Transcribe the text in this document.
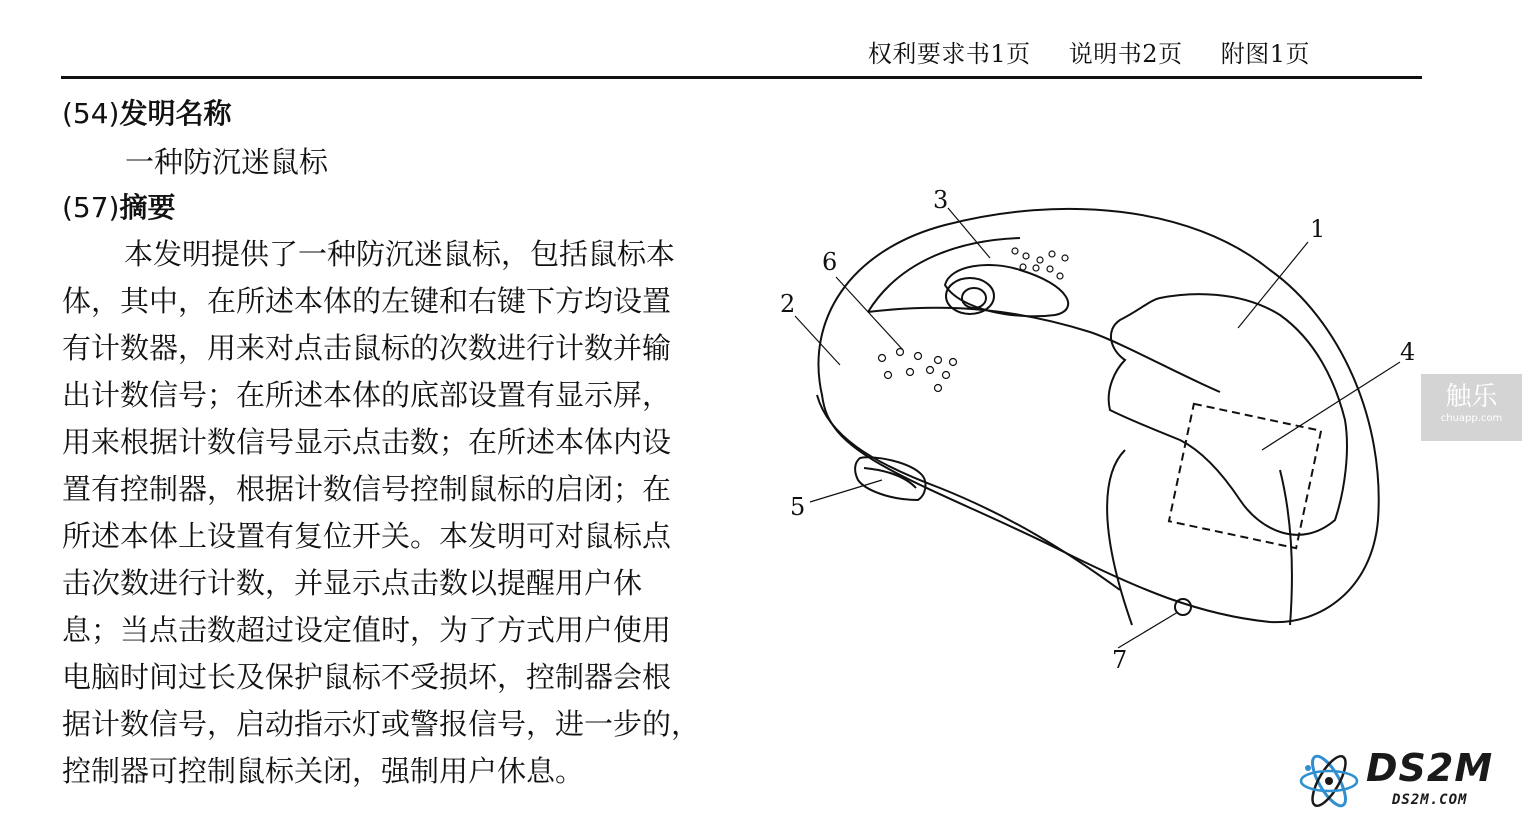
权利要求书1页 说明书2页 附图1页
(54)发明名称
一种防沉迷鼠标
(57)摘要
本发明提供了一种防沉迷鼠标，包括鼠标本
体，其中，在所述本体的左键和右键下方均设置
有计数器，用来对点击鼠标的次数进行计数并输
出计数信号；在所述本体的底部设置有显示屏，
用来根据计数信号显示点击数；在所述本体内设
置有控制器，根据计数信号控制鼠标的启闭；在
所述本体上设置有复位开关。本发明可对鼠标点
击次数进行计数，并显示点击数以提醒用户休
息；当点击数超过设定值时，为了方式用户使用
电脑时间过长及保护鼠标不受损坏，控制器会根
据计数信号，启动指示灯或警报信号，进一步的，
控制器可控制鼠标关闭，强制用户休息。
1
2
3
4
5
6
7
触乐
chuapp.com
DS2M
DS2M.COM
